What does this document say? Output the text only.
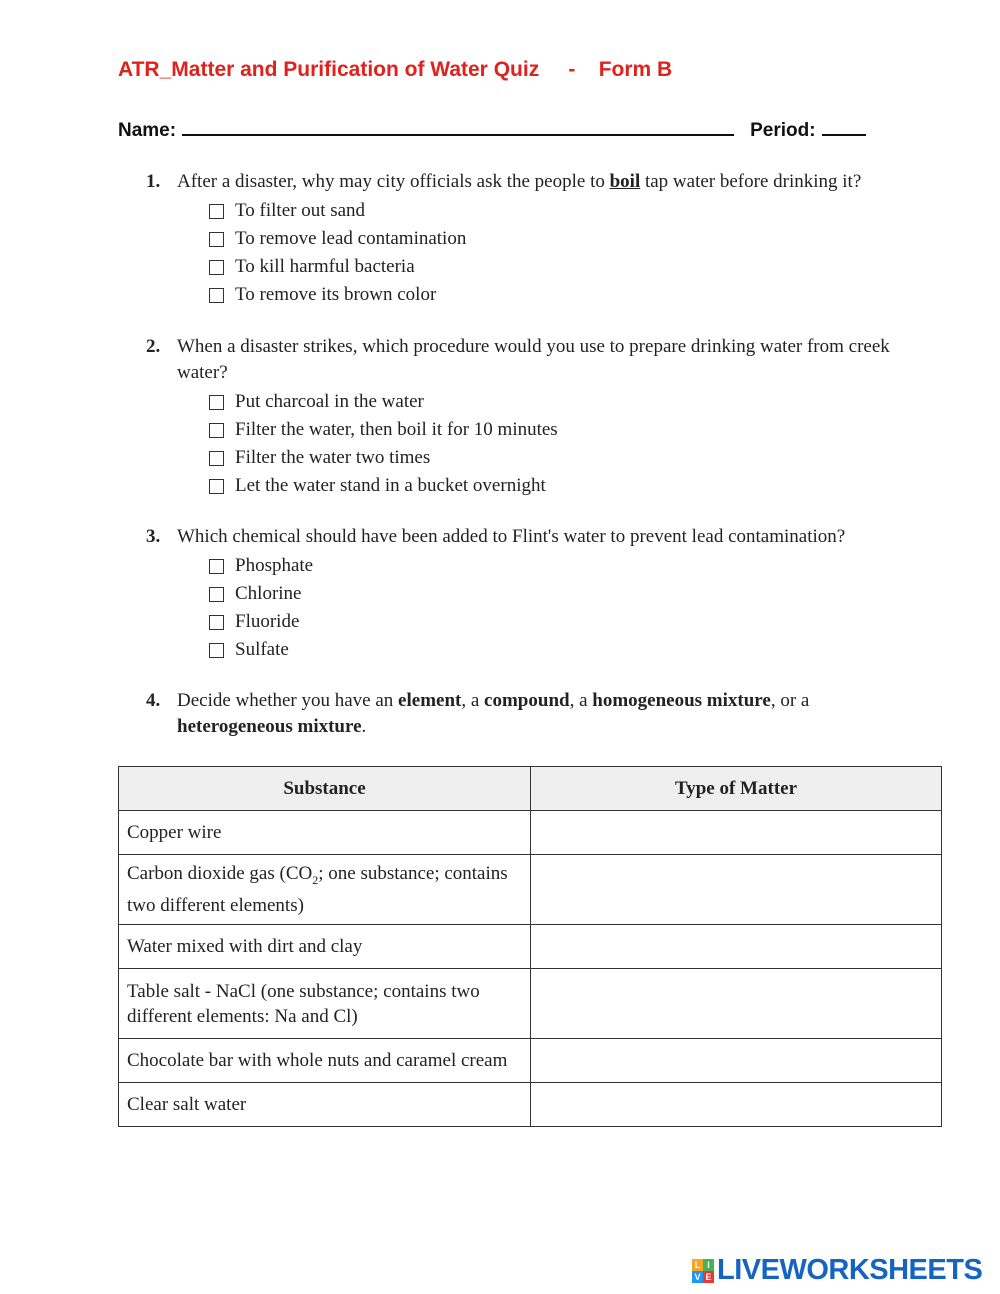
ATR_Matter and Purification of Water Quiz     -    Form B
Name:	Period:
1. After a disaster, why may city officials ask the people to boil tap water before drinking it?
To filter out sand
To remove lead contamination
To kill harmful bacteria
To remove its brown color
2. When a disaster strikes, which procedure would you use to prepare drinking water from creek water?
Put charcoal in the water
Filter the water, then boil it for 10 minutes
Filter the water two times
Let the water stand in a bucket overnight
3. Which chemical should have been added to Flint's water to prevent lead contamination?
Phosphate
Chlorine
Fluoride
Sulfate
4. Decide whether you have an element, a compound, a homogeneous mixture, or a heterogeneous mixture.
Substance	Type of Matter
Copper wire	
Carbon dioxide gas ($CO_2$; one substance; contains two different elements)	
Water mixed with dirt and clay	
Table salt - NaCl (one substance; contains two different elements: Na and Cl)	
Chocolate bar with whole nuts and caramel cream	
Clear salt water	
L I
V E LIVEWORKSHEETS
